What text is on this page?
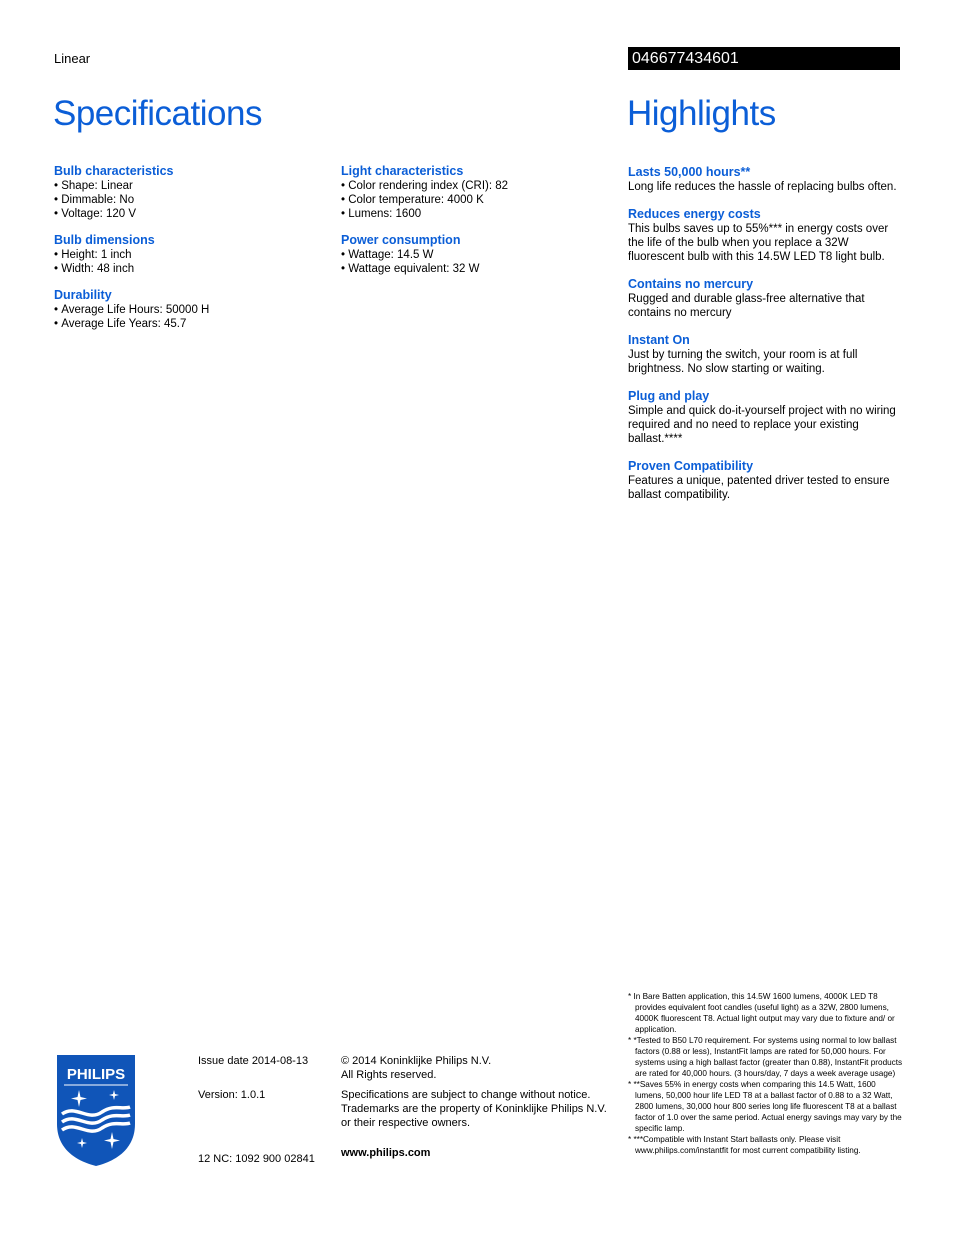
Linear	046677434601
Specifications	Highlights
Bulb characteristics
• Shape: Linear
• Dimmable: No
• Voltage: 120 V
Bulb dimensions
• Height: 1 inch
• Width: 48 inch
Durability
• Average Life Hours: 50000 H
• Average Life Years: 45.7
Light characteristics
• Color rendering index (CRI): 82
• Color temperature: 4000 K
• Lumens: 1600
Power consumption
• Wattage: 14.5 W
• Wattage equivalent: 32 W
Lasts 50,000 hours**

Long life reduces the hassle of replacing bulbs often.

Reduces energy costs

This bulbs saves up to 55%*** in energy costs over the life of the bulb when you replace a 32W fluorescent bulb with this 14.5W LED T8 light bulb.

Contains no mercury

Rugged and durable glass-free alternative that contains no mercury

Instant On

Just by turning the switch, your room is at full brightness. No slow starting or waiting.

Plug and play

Simple and quick do-it-yourself project with no wiring required and no need to replace your existing ballast.****

Proven Compatibility

Features a unique, patented driver tested to ensure ballast compatibility.

* In Bare Batten application, this 14.5W 1600 lumens, 4000K LED T8 provides equivalent foot candles (useful light) as a 32W, 2800 lumens, 4000K fluorescent T8. Actual light output may vary due to fixture and/ or application.
* *Tested to B50 L70 requirement. For systems using normal to low ballast factors (0.88 or less), InstantFit lamps are rated for 50,000 hours. For systems using a high ballast factor (greater than 0.88), InstantFit products are rated for 40,000 hours. (3 hours/day, 7 days a week average usage)
* **Saves 55% in energy costs when comparing this 14.5 Watt, 1600 lumens, 50,000 hour life LED T8 at a ballast factor of 0.88 to a 32 Watt, 2800 lumens, 30,000 hour 800 series long life fluorescent T8 at a ballast factor of 1.0 over the same period. Actual energy savings may vary by the specific lamp.
* ***Compatible with Instant Start ballasts only. Please visit www.philips.com/instantfit for most current compatibility listing.
PHILIPS

Issue date 2014-08-13

Version: 1.0.1

12 NC: 1092 900 02841

© 2014 Koninklijke Philips N.V.

All Rights reserved.

Specifications are subject to change without notice. Trademarks are the property of Koninklijke Philips N.V. or their respective owners.

www.philips.com
